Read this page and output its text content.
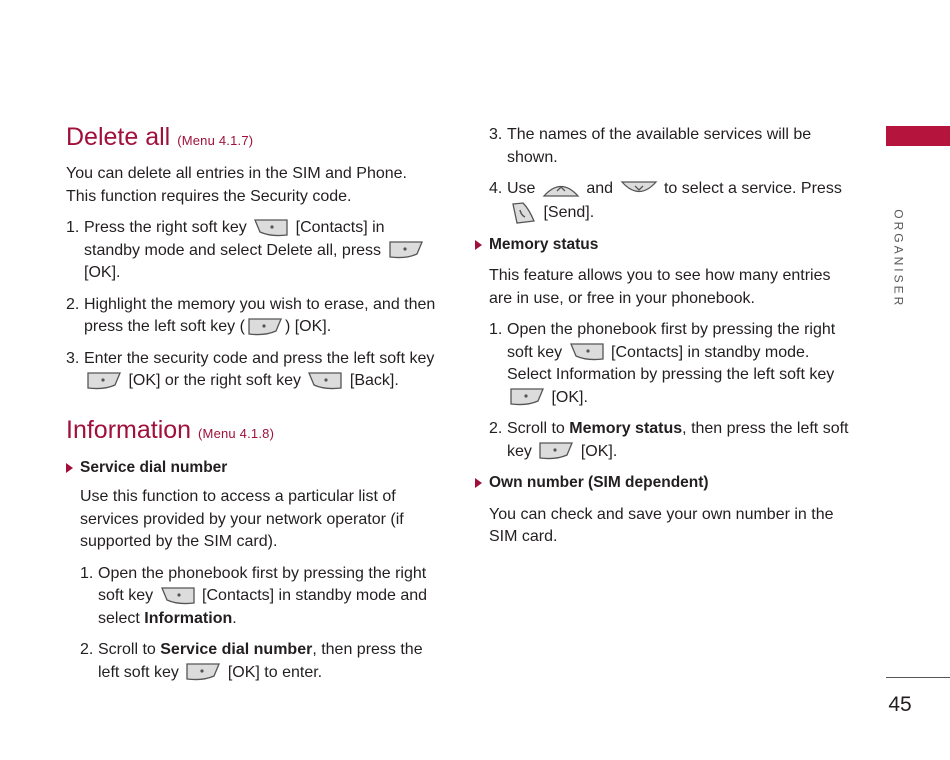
Delete all (Menu 4.1.7)

You can delete all entries in the SIM and Phone. This function requires the Security code.

1. Press the right soft key	[Contacts] in standby mode and select Delete all, press
[OK].

2. Highlight the memory you wish to erase, and then press the left soft key (	) [OK].

3. Enter the security code and press the left soft key
[OK] or the right soft key	[Back].

Information (Menu 4.1.8)
Service dial number

Use this function to access a particular list of services provided by your network operator (if supported by the SIM card).

1. Open the phonebook first by pressing the right soft key	[Contacts] in standby mode and select Information.

2. Scroll to Service dial number, then press the left soft key	[OK] to enter.

3. The names of the available services will be shown.

4. Use	and	to select a service. Press
[Send].

Memory status

This feature allows you to see how many entries are in use, or free in your phonebook.

1. Open the phonebook first by pressing the right soft key	[Contacts] in standby mode. Select Information by pressing the left soft key
[OK].

2. Scroll to Memory status, then press the left soft key	[OK].

Own number (SIM dependent)

You can check and save your own number in the SIM card.

ORGANISER
45
